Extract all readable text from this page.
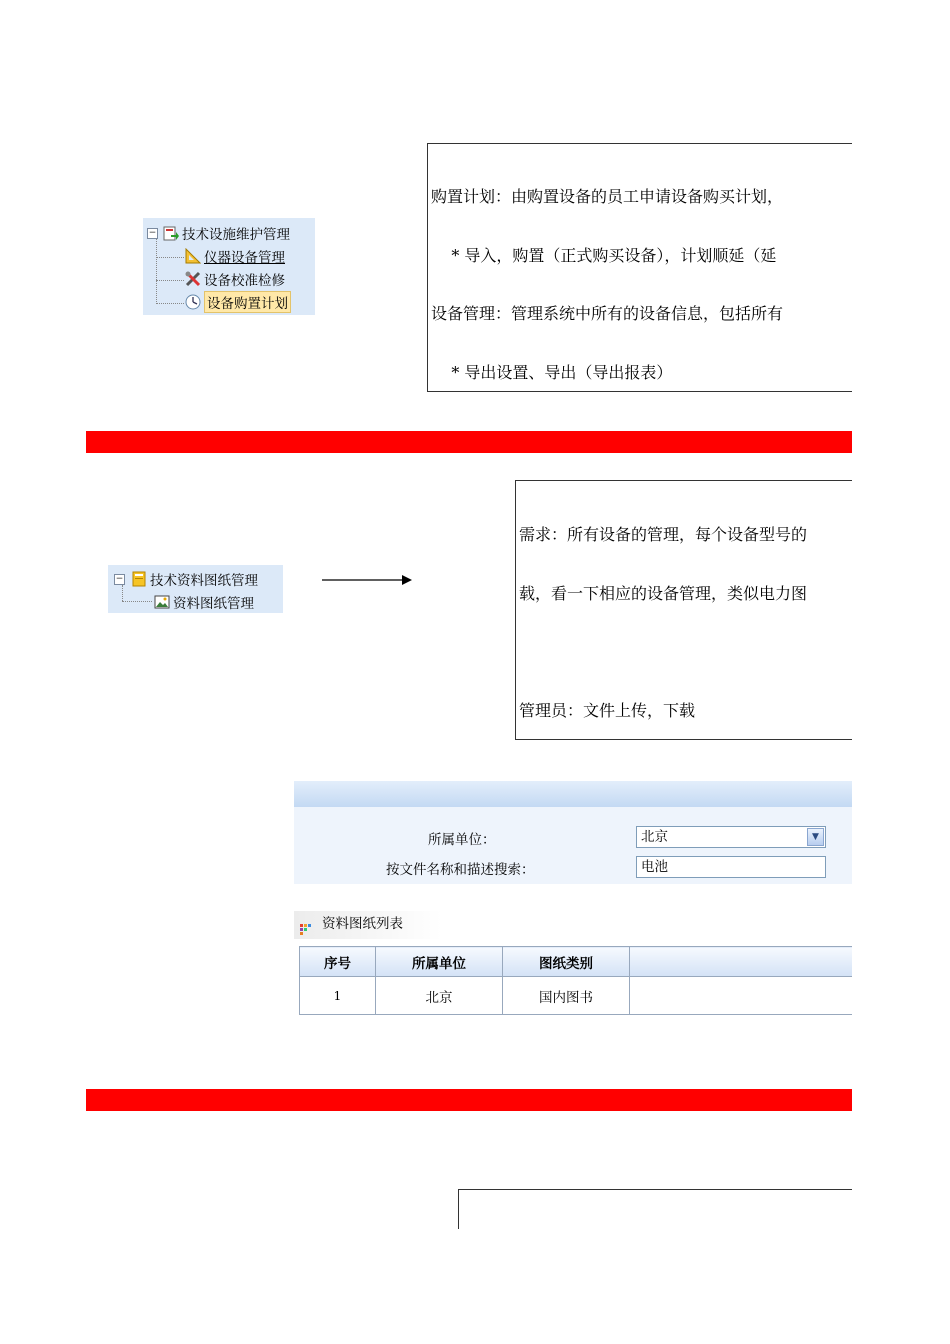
− 技术设施维护管理
仪器设备管理
设备校准检修
设备购置计划

购置计划：由购置设备的员工申请设备购买计划，

* 导入，购置（正式购买设备），计划顺延（延

设备管理：管理系统中所有的设备信息，包括所有

* 导出设置、导出（导出报表）

− 技术资料图纸管理
资料图纸管理

需求：所有设备的管理，每个设备型号的

载，看一下相应的设备管理，类似电力图

管理员：文件上传，下载

所属单位：	北京	▼
按文件名称和描述搜索：	电池
资料图纸列表
序号	所属单位	图纸类别	
1	北京	国内图书	
